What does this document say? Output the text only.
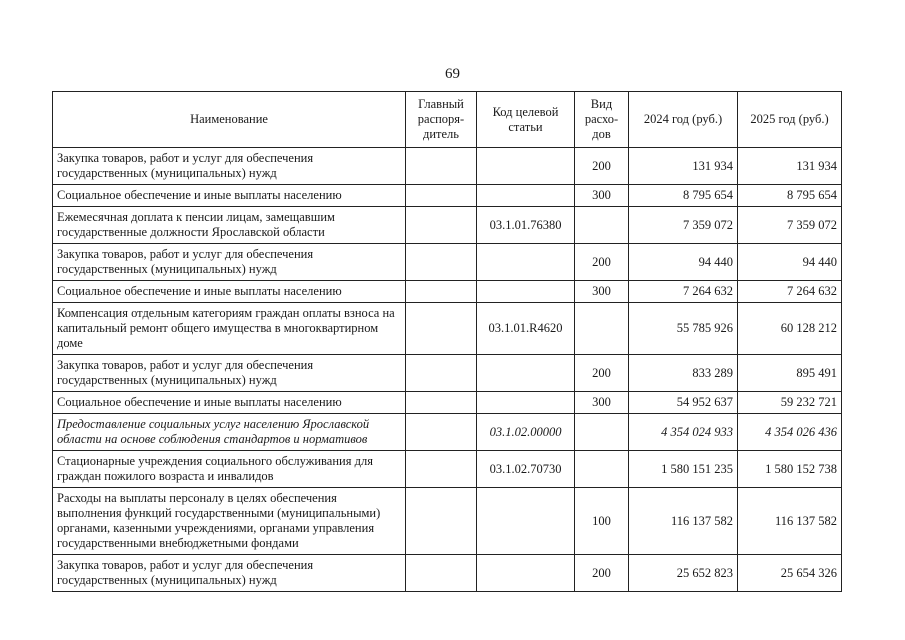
69
Наименование	Главный распоря-дитель	Код целевой статьи	Вид расхо-дов	2024 год (руб.)	2025 год (руб.)
Закупка товаров, работ и услуг для обеспечения государственных (муниципальных) нужд			200	131 934	131 934
Социальное обеспечение и иные выплаты населению			300	8 795 654	8 795 654
Ежемесячная доплата к пенсии лицам, замещавшим государственные должности Ярославской области		03.1.01.76380		7 359 072	7 359 072
Закупка товаров, работ и услуг для обеспечения государственных (муниципальных) нужд			200	94 440	94 440
Социальное обеспечение и иные выплаты населению			300	7 264 632	7 264 632
Компенсация отдельным категориям граждан оплаты взноса на капитальный ремонт общего имущества в многоквартирном доме		03.1.01.R4620		55 785 926	60 128 212
Закупка товаров, работ и услуг для обеспечения государственных (муниципальных) нужд			200	833 289	895 491
Социальное обеспечение и иные выплаты населению			300	54 952 637	59 232 721
Предоставление социальных услуг населению Ярославской области на основе соблюдения стандартов и нормативов		03.1.02.00000		4 354 024 933	4 354 026 436
Стационарные учреждения социального обслуживания для граждан пожилого возраста и инвалидов		03.1.02.70730		1 580 151 235	1 580 152 738
Расходы на выплаты персоналу в целях обеспечения выполнения функций государственными (муниципальными) органами, казенными учреждениями, органами управления государственными внебюджетными фондами			100	116 137 582	116 137 582
Закупка товаров, работ и услуг для обеспечения государственных (муниципальных) нужд			200	25 652 823	25 654 326
